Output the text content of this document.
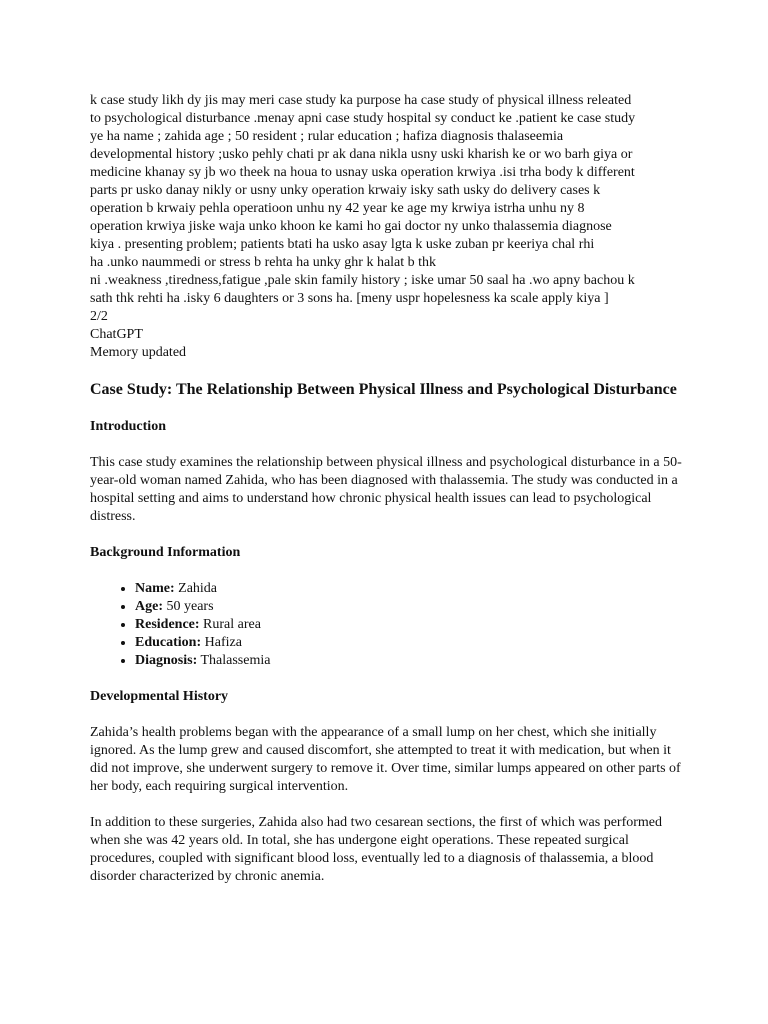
k case study likh dy jis may meri case study ka purpose ha case study of physical illness releated
to psychological disturbance .menay apni case study hospital sy conduct ke .patient ke case study
ye ha name ; zahida age ; 50 resident ; rular education ; hafiza diagnosis thalaseemia
developmental history ;usko pehly chati pr ak dana nikla usny uski kharish ke or wo barh giya or
medicine khanay sy jb wo theek na houa to usnay uska operation krwiya .isi trha body k different
parts pr usko danay nikly or usny unky operation krwaiy isky sath usky do delivery cases k
operation b krwaiy pehla operatioon unhu ny 42 year ke age my krwiya istrha unhu ny 8
operation krwiya jiske waja unko khoon ke kami ho gai doctor ny unko thalassemia diagnose
kiya . presenting problem; patients btati ha usko asay lgta k uske zuban pr keeriya chal rhi
ha .unko naummedi or stress b rehta ha unky ghr k halat b thk
ni .weakness ,tiredness,fatigue ,pale skin family history ; iske umar 50 saal ha .wo apny bachou k
sath thk rehti ha .isky 6 daughters or 3 sons ha. [meny uspr hopelesness ka scale apply kiya ]
2/2
ChatGPT
Memory updated
Case Study: The Relationship Between Physical Illness and Psychological Disturbance
Introduction

This case study examines the relationship between physical illness and psychological disturbance in a 50-year-old woman named Zahida, who has been diagnosed with thalassemia. The study was conducted in a hospital setting and aims to understand how chronic physical health issues can lead to psychological distress.

Background Information
• Name: Zahida
• Age: 50 years
• Residence: Rural area
• Education: Hafiza
• Diagnosis: Thalassemia
Developmental History

Zahida’s health problems began with the appearance of a small lump on her chest, which she initially ignored. As the lump grew and caused discomfort, she attempted to treat it with medication, but when it did not improve, she underwent surgery to remove it. Over time, similar lumps appeared on other parts of her body, each requiring surgical intervention.

In addition to these surgeries, Zahida also had two cesarean sections, the first of which was performed when she was 42 years old. In total, she has undergone eight operations. These repeated surgical procedures, coupled with significant blood loss, eventually led to a diagnosis of thalassemia, a blood disorder characterized by chronic anemia.
